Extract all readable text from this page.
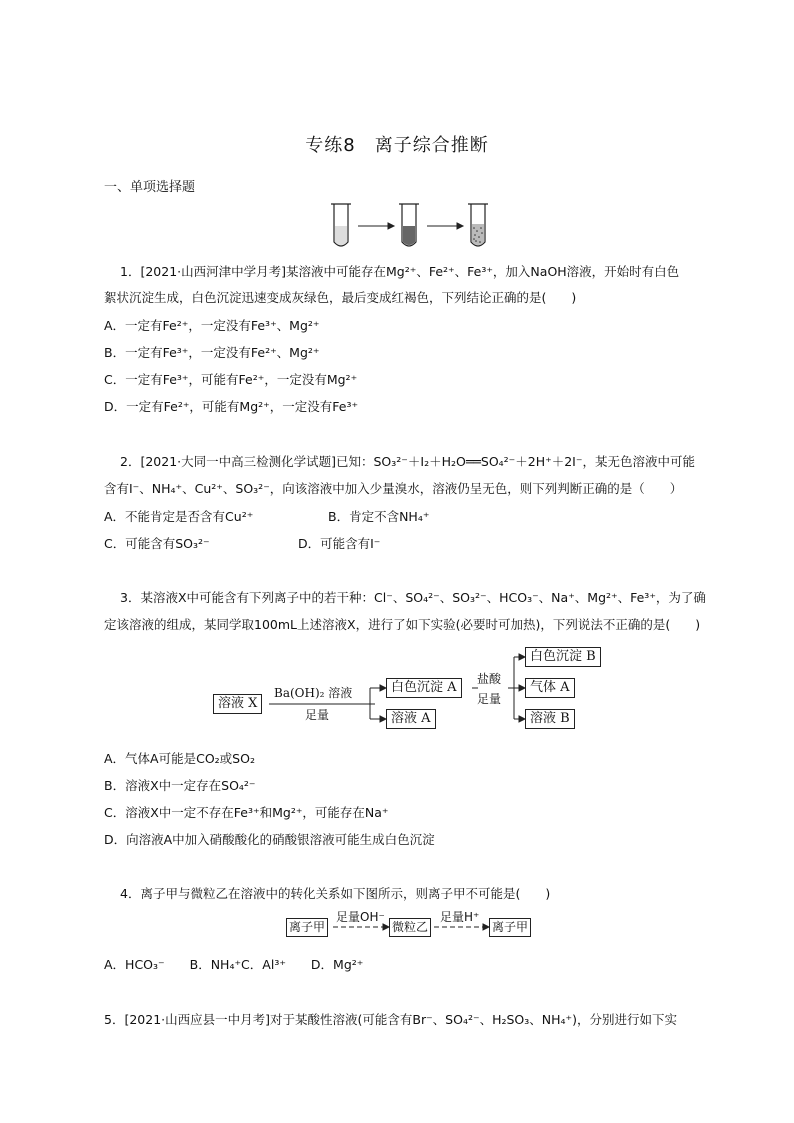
专练8　离子综合推断
一、单项选择题
1．[2021·山西河津中学月考]某溶液中可能存在Mg²⁺、Fe²⁺、Fe³⁺，加入NaOH溶液，开始时有白色
絮状沉淀生成，白色沉淀迅速变成灰绿色，最后变成红褐色，下列结论正确的是(　　)
A．一定有Fe²⁺，一定没有Fe³⁺、Mg²⁺
B．一定有Fe³⁺，一定没有Fe²⁺、Mg²⁺
C．一定有Fe³⁺，可能有Fe²⁺，一定没有Mg²⁺
D．一定有Fe²⁺，可能有Mg²⁺，一定没有Fe³⁺
2．[2021·大同一中高三检测化学试题]已知：SO₃²⁻＋I₂＋H₂O══SO₄²⁻＋2H⁺＋2I⁻，某无色溶液中可能
含有I⁻、NH₄⁺、Cu²⁺、SO₃²⁻，向该溶液中加入少量溴水，溶液仍呈无色，则下列判断正确的是（　　）
A．不能肯定是否含有Cu²⁺	B．肯定不含NH₄⁺
C．可能含有SO₃²⁻	D．可能含有I⁻
3．某溶液X中可能含有下列离子中的若干种：Cl⁻、SO₄²⁻、SO₃²⁻、HCO₃⁻、Na⁺、Mg²⁺、Fe³⁺，为了确
定该溶液的组成，某同学取100mL上述溶液X，进行了如下实验(必要时可加热)，下列说法不正确的是(　　)
溶液 X
Ba(OH)₂ 溶液
足量
白色沉淀 A
溶液 A
盐酸
足量
白色沉淀 B
气体 A
溶液 B
A．气体A可能是CO₂或SO₂
B．溶液X中一定存在SO₄²⁻
C．溶液X中一定不存在Fe³⁺和Mg²⁺，可能存在Na⁺
D．向溶液A中加入硝酸酸化的硝酸银溶液可能生成白色沉淀
4．离子甲与微粒乙在溶液中的转化关系如下图所示，则离子甲不可能是(　　)
离子甲
足量OH⁻
微粒乙
足量H⁺
离子甲
A．HCO₃⁻　　B．NH₄⁺C．Al³⁺　　D．Mg²⁺
5．[2021·山西应县一中月考]对于某酸性溶液(可能含有Br⁻、SO₄²⁻、H₂SO₃、NH₄⁺)，分别进行如下实
